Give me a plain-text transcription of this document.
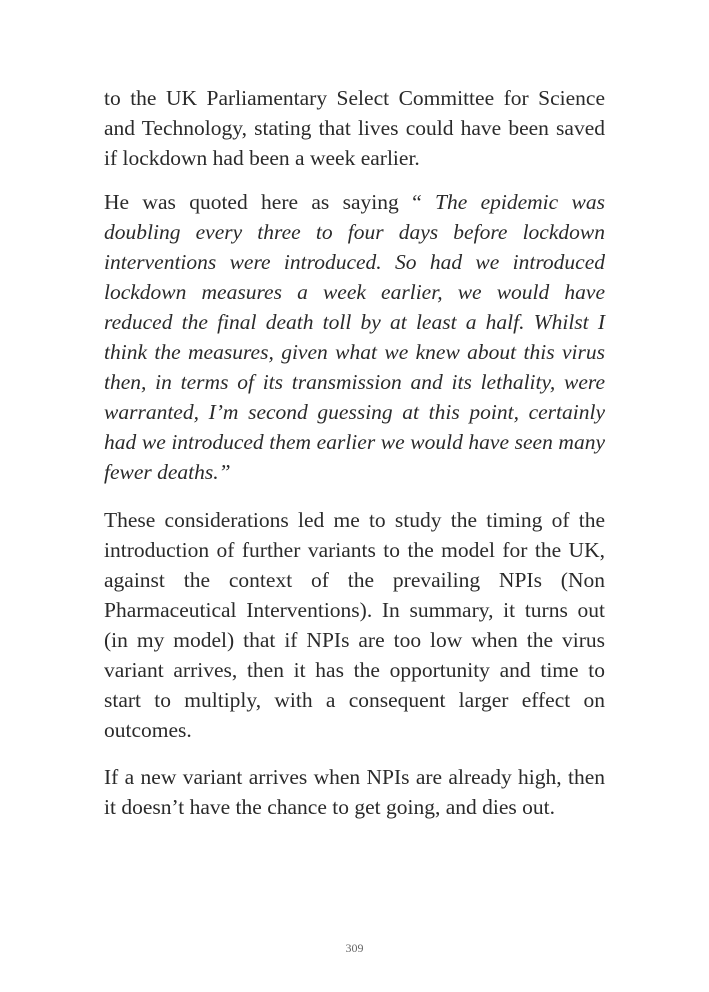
to the UK Parliamentary Select Committee for Science and Technology, stating that lives could have been saved if lockdown had been a week earlier.

He was quoted here as saying “ The epidemic was doubling every three to four days before lockdown interventions were introduced. So had we introduced lockdown measures a week earlier, we would have reduced the final death toll by at least a half. Whilst I think the measures, given what we knew about this virus then, in terms of its transmission and its lethality, were warranted, I’m second guessing at this point, certainly had we introduced them earlier we would have seen many fewer deaths.”

These considerations led me to study the timing of the introduction of further variants to the model for the UK, against the context of the prevailing NPIs (Non Pharmaceutical Interventions). In summary, it turns out (in my model) that if NPIs are too low when the virus variant arrives, then it has the opportunity and time to start to multiply, with a consequent larger effect on outcomes.

If a new variant arrives when NPIs are already high, then it doesn’t have the chance to get going, and dies out.

309
